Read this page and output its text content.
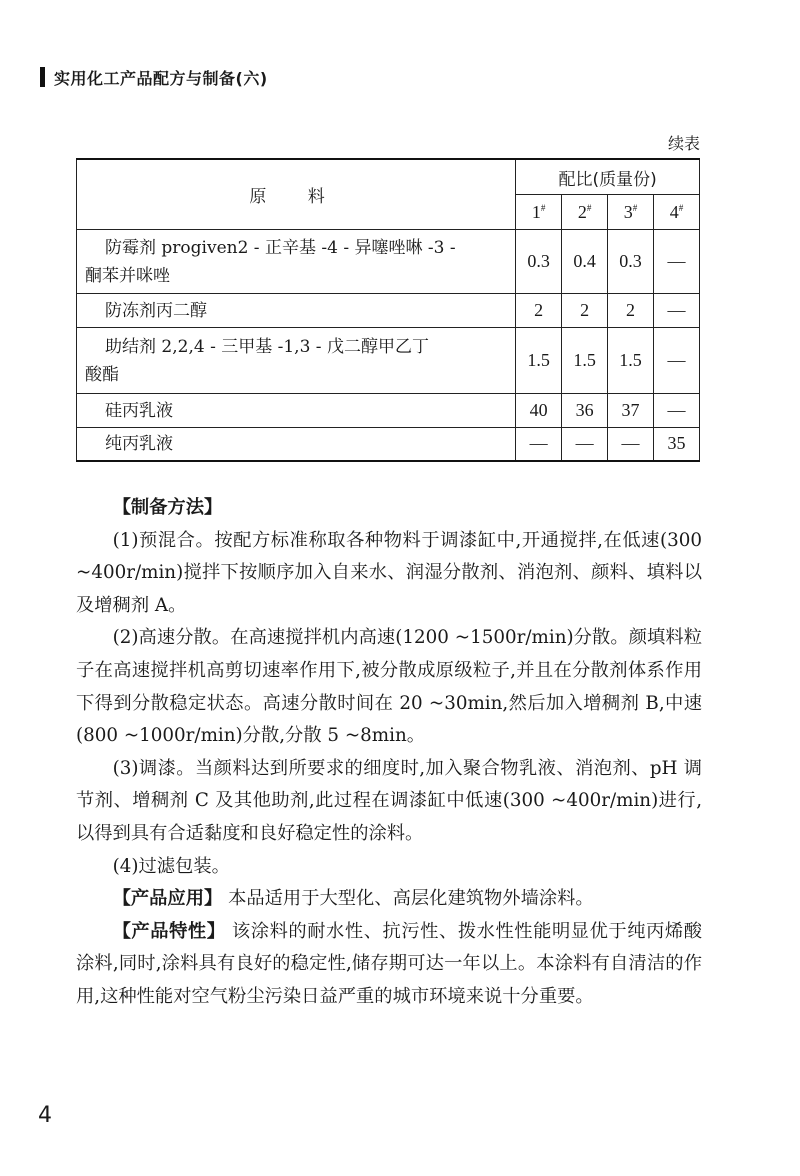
实用化工产品配方与制备(六)
续表
原 料	配比(质量份)			
	1#	2#	3#	4#
防霉剂 progiven2 - 正辛基 -4 - 异噻唑啉 -3 -
酮苯并咪唑	0.3	0.4	0.3	—
防冻剂丙二醇	2	2	2	—
助结剂 2,2,4 - 三甲基 -1,3 - 戊二醇甲乙丁
酸酯	1.5	1.5	1.5	—
硅丙乳液	40	36	37	—
纯丙乳液	—	—	—	35

【制备方法】

(1)预混合。按配方标准称取各种物料于调漆缸中,开通搅拌,在低速(300 ~400r/min)搅拌下按顺序加入自来水、润湿分散剂、消泡剂、颜料、填料以及增稠剂 A。

(2)高速分散。在高速搅拌机内高速(1200 ~1500r/min)分散。颜填料粒子在高速搅拌机高剪切速率作用下,被分散成原级粒子,并且在分散剂体系作用下得到分散稳定状态。高速分散时间在 20 ~30min,然后加入增稠剂 B,中速(800 ~1000r/min)分散,分散 5 ~8min。

(3)调漆。当颜料达到所要求的细度时,加入聚合物乳液、消泡剂、pH 调节剂、增稠剂 C 及其他助剂,此过程在调漆缸中低速(300 ~400r/min)进行,以得到具有合适黏度和良好稳定性的涂料。

(4)过滤包装。

【产品应用】 本品适用于大型化、高层化建筑物外墙涂料。

【产品特性】 该涂料的耐水性、抗污性、拨水性性能明显优于纯丙烯酸涂料,同时,涂料具有良好的稳定性,储存期可达一年以上。本涂料有自清洁的作用,这种性能对空气粉尘污染日益严重的城市环境来说十分重要。

4
